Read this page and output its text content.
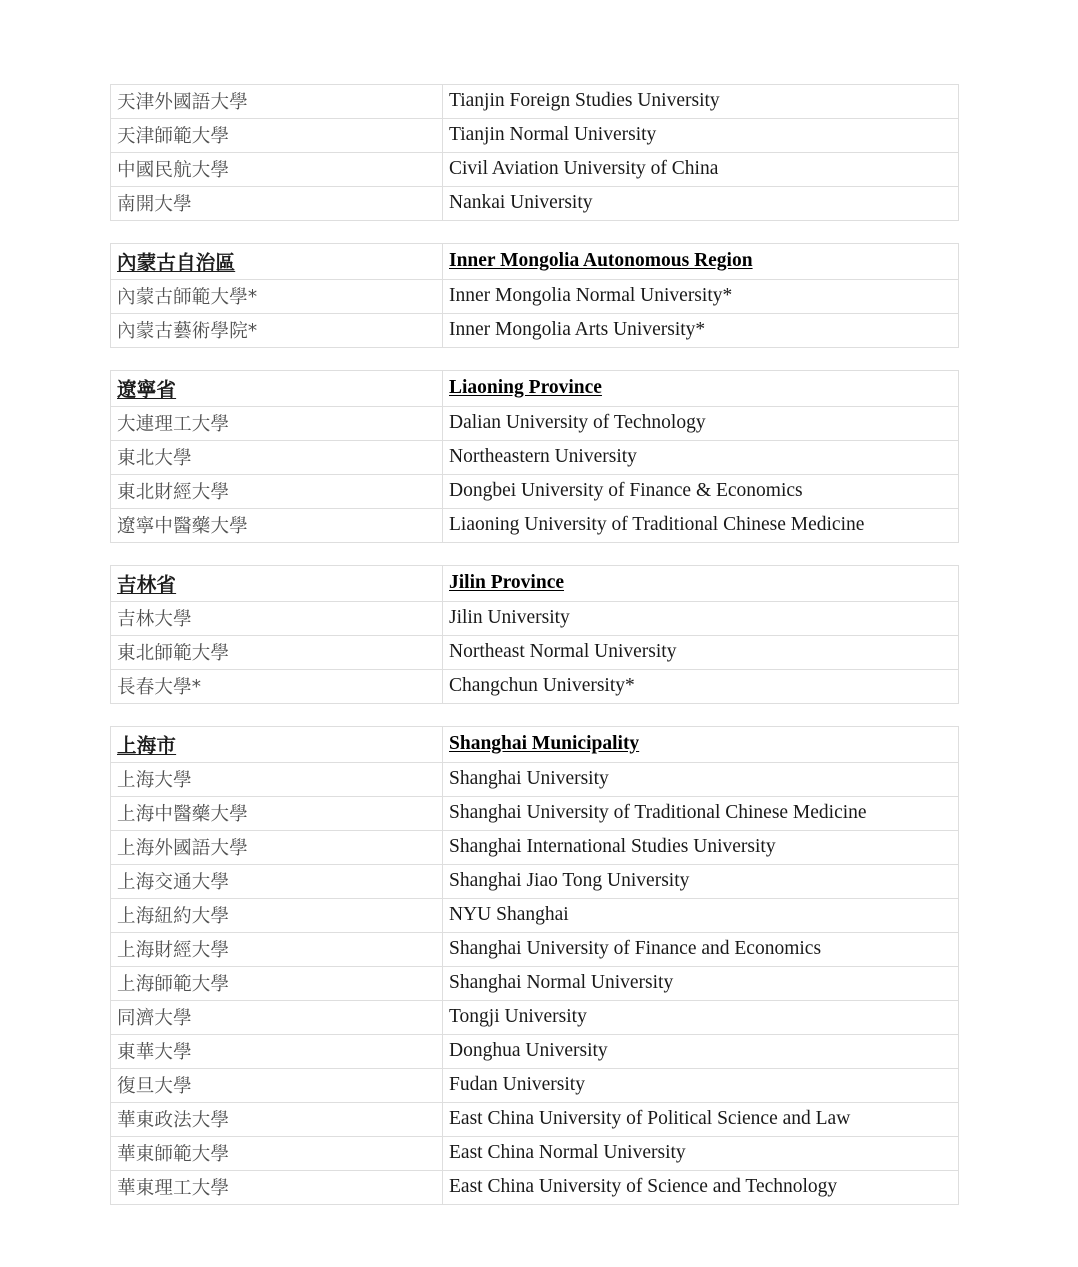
天津外國語大學	Tianjin Foreign Studies University
天津師範大學	Tianjin Normal University
中國民航大學	Civil Aviation University of China
南開大學	Nankai University

內蒙古自治區	Inner Mongolia Autonomous Region
內蒙古師範大學*	Inner Mongolia Normal University*
內蒙古藝術學院*	Inner Mongolia Arts University*

遼寧省	Liaoning Province
大連理工大學	Dalian University of Technology
東北大學	Northeastern University
東北財經大學	Dongbei University of Finance & Economics
遼寧中醫藥大學	Liaoning University of Traditional Chinese Medicine

吉林省	Jilin Province
吉林大學	Jilin University
東北師範大學	Northeast Normal University
長春大學*	Changchun University*

上海市	Shanghai Municipality
上海大學	Shanghai University
上海中醫藥大學	Shanghai University of Traditional Chinese Medicine
上海外國語大學	Shanghai International Studies University
上海交通大學	Shanghai Jiao Tong University
上海紐約大學	NYU Shanghai
上海財經大學	Shanghai University of Finance and Economics
上海師範大學	Shanghai Normal University
同濟大學	Tongji University
東華大學	Donghua University
復旦大學	Fudan University
華東政法大學	East China University of Political Science and Law
華東師範大學	East China Normal University
華東理工大學	East China University of Science and Technology
